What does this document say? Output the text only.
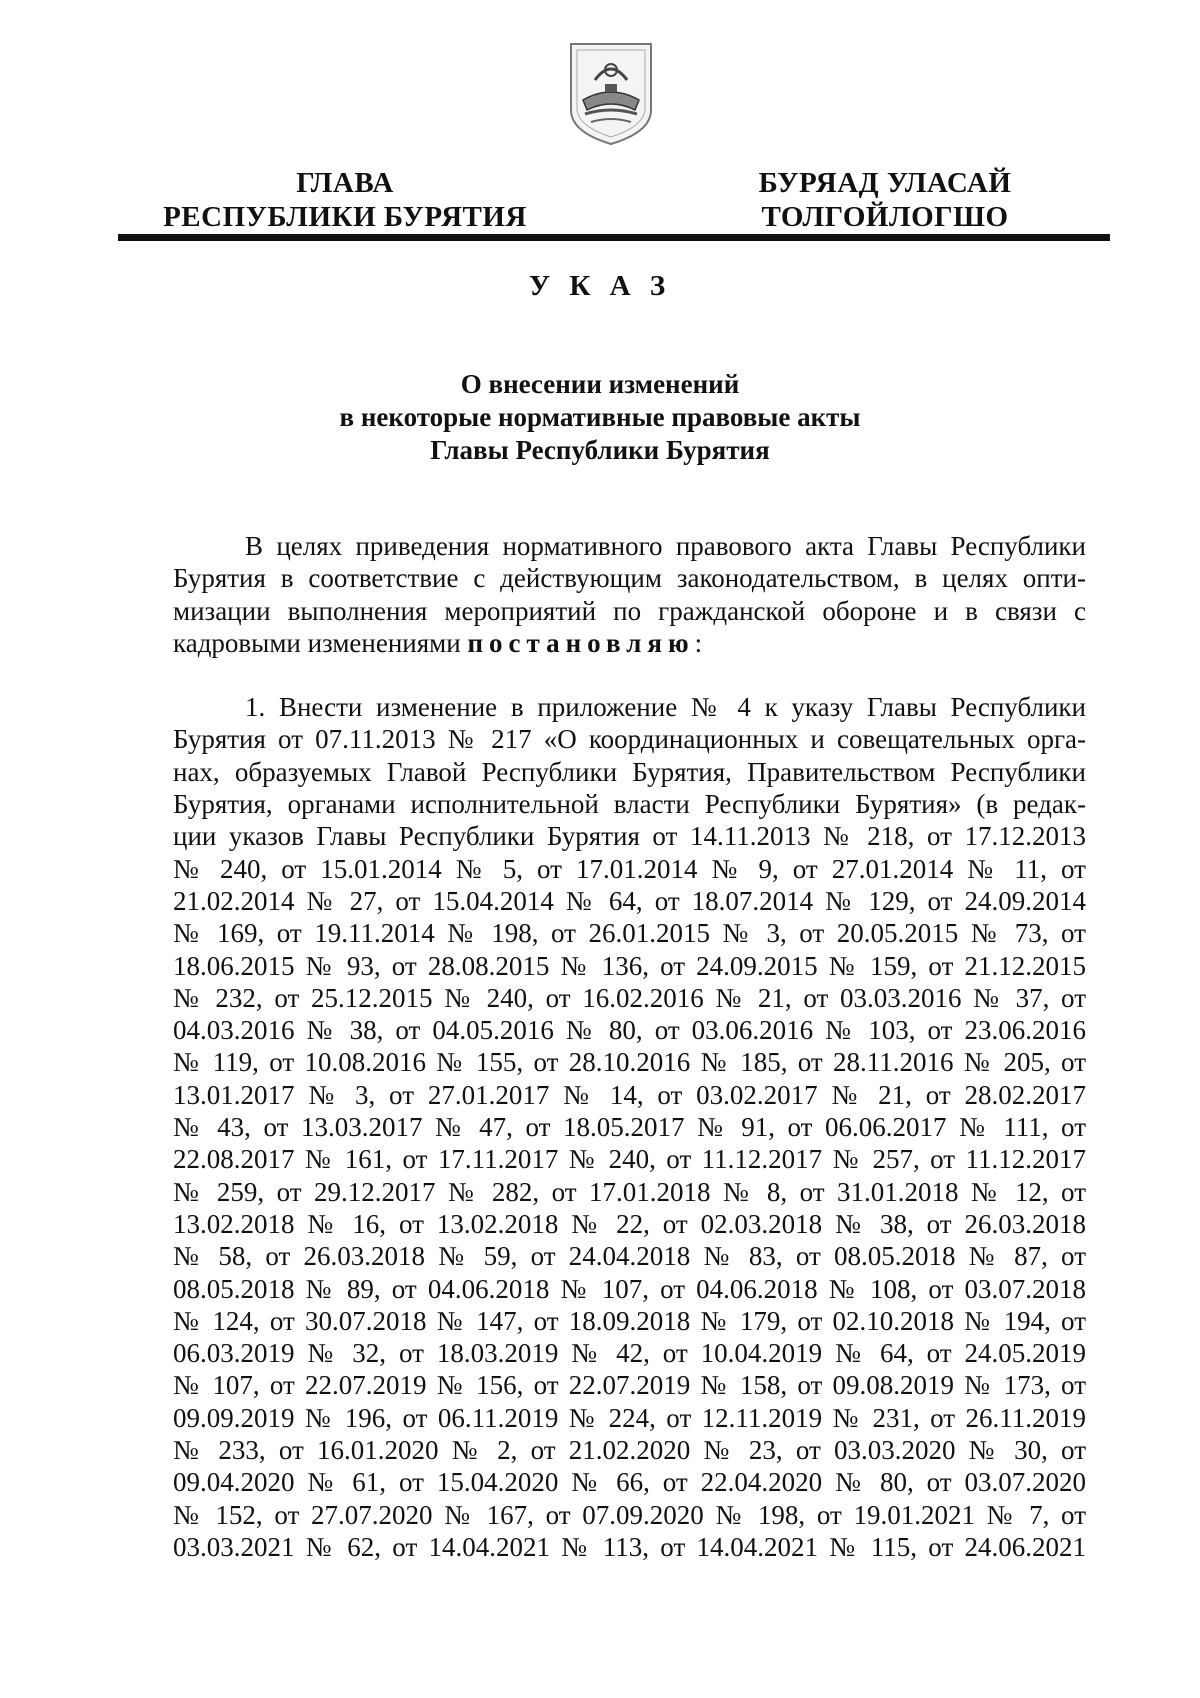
ГЛАВА
РЕСПУБЛИКИ БУРЯТИЯ
БУРЯАД УЛАСАЙ
ТОЛГОЙЛОГШО
У К А З
О внесении изменений
в некоторые нормативные правовые акты
Главы Республики Бурятия
В целях приведения нормативного правового акта Главы Республики
Бурятия в соответствие с действующим законодательством, в целях опти-
мизации выполнения мероприятий по гражданской обороне и в связи с
кадровыми изменениями постановляю:
1. Внести изменение в приложение № 4 к указу Главы Республики
Бурятия от 07.11.2013 № 217 «О координационных и совещательных орга-
нах, образуемых Главой Республики Бурятия, Правительством Республики
Бурятия, органами исполнительной власти Республики Бурятия» (в редак-
ции указов Главы Республики Бурятия от 14.11.2013 № 218, от 17.12.2013
№ 240, от 15.01.2014 № 5, от 17.01.2014 № 9, от 27.01.2014 № 11, от
21.02.2014 № 27, от 15.04.2014 № 64, от 18.07.2014 № 129, от 24.09.2014
№ 169, от 19.11.2014 № 198, от 26.01.2015 № 3, от 20.05.2015 № 73, от
18.06.2015 № 93, от 28.08.2015 № 136, от 24.09.2015 № 159, от 21.12.2015
№ 232, от 25.12.2015 № 240, от 16.02.2016 № 21, от 03.03.2016 № 37, от
04.03.2016 № 38, от 04.05.2016 № 80, от 03.06.2016 № 103, от 23.06.2016
№ 119, от 10.08.2016 № 155, от 28.10.2016 № 185, от 28.11.2016 № 205, от
13.01.2017 № 3, от 27.01.2017 № 14, от 03.02.2017 № 21, от 28.02.2017
№ 43, от 13.03.2017 № 47, от 18.05.2017 № 91, от 06.06.2017 № 111, от
22.08.2017 № 161, от 17.11.2017 № 240, от 11.12.2017 № 257, от 11.12.2017
№ 259, от 29.12.2017 № 282, от 17.01.2018 № 8, от 31.01.2018 № 12, от
13.02.2018 № 16, от 13.02.2018 № 22, от 02.03.2018 № 38, от 26.03.2018
№ 58, от 26.03.2018 № 59, от 24.04.2018 № 83, от 08.05.2018 № 87, от
08.05.2018 № 89, от 04.06.2018 № 107, от 04.06.2018 № 108, от 03.07.2018
№ 124, от 30.07.2018 № 147, от 18.09.2018 № 179, от 02.10.2018 № 194, от
06.03.2019 № 32, от 18.03.2019 № 42, от 10.04.2019 № 64, от 24.05.2019
№ 107, от 22.07.2019 № 156, от 22.07.2019 № 158, от 09.08.2019 № 173, от
09.09.2019 № 196, от 06.11.2019 № 224, от 12.11.2019 № 231, от 26.11.2019
№ 233, от 16.01.2020 № 2, от 21.02.2020 № 23, от 03.03.2020 № 30, от
09.04.2020 № 61, от 15.04.2020 № 66, от 22.04.2020 № 80, от 03.07.2020
№ 152, от 27.07.2020 № 167, от 07.09.2020 № 198, от 19.01.2021 № 7, от
03.03.2021 № 62, от 14.04.2021 № 113, от 14.04.2021 № 115, от 24.06.2021
